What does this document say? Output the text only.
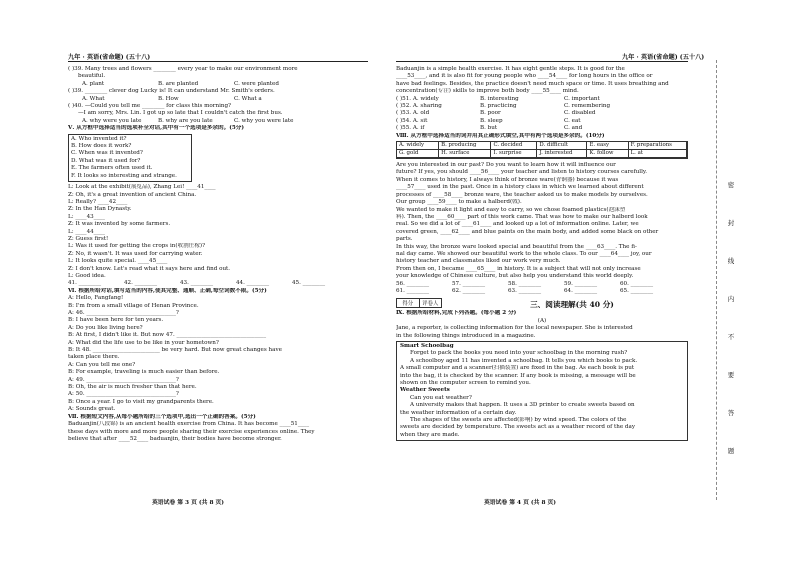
九年 · 英语(省命题) (五十八)	九年 · 英语(省命题) (五十八)
( )39. Many trees and flowers ________ every year to make our environment more
beautiful.
A. plant	B. are planted	C. were planted
( )39. ________ clever dog Lucky is! It can understand Mr. Smith's orders.
A. What	B. How	C. What a
( )40. —Could you tell me ________ for class this morning?
—I am sorry, Mrs. Lin. I got up so late that I couldn't catch the first bus.
A. why were you late	B. why are you late	C. why you were late
Ⅴ. 从方框中选择适当的选项补全对话,其中有一个选项是多余的。(5分)
A. Who invented it?
B. How does it work?
C. When was it invented?
D. What was it used for?
E. The farmers often used it.
F. It looks so interesting and strange.
L: Look at the exhibit(展览品), Zhang Lei! ____41____
Z: Oh, it's a great invention of ancient China.
L: Really? ____42____
Z: In the Han Dynasty.
L: ____43____
Z: It was invented by some farmers.
L: ____44____
Z: Guess first!
L: Was it used for getting the crops in(收割庄稼)?
Z: No, it wasn't. It was used for carrying water.
L: It looks quite special. ____45____
Z: I don't know. Let's read what it says here and find out.
L: Good idea.
41. ________	42. ________	43. ________	44. ________	45. ________
Ⅵ. 根据所给对话,填写适当的内容,使其完整、通顺、正确,每空词数不限。(5分)
A: Hello, Fangfang!
B: I'm from a small village of Henan Province.
A: 46. ________________________________?
B: I have been here for ten years.
A: Do you like living here?
B: At first, I didn't like it. But now 47. ________________________________
A: What did the life use to be like in your hometown?
B: It 48. ________________________ be very hard. But now great changes have
taken place there.
A: Can you tell me one?
B: For example, traveling is much easier than before.
A: 49. ________________________________?
B: Oh, the air is much fresher than that here.
A: 50. ________________________________?
B: Once a year. I go to visit my grandparents there.
A: Sounds great.
Ⅶ. 根据短文内容,从每小题所给的三个选项中,选出一个正确的答案。(5分)
Baduanjin(八段锦) is an ancient health exercise from China. It has become ____51____
these days with more and more people sharing their exercise experiences online. They
believe that after ____52____ baduanjin, their bodies have become stronger.
英语试卷 第 3 页 (共 8 页)
Baduanjin is a simple health exercise. It has eight gentle steps. It is good for the
____53____, and it is also fit for young people who ____54____ for long hours in the office or
have bad feelings. Besides, the practice doesn't need much space or time. It uses breathing and
concentration(专注) skills to improve both body ____55____ mind.
( )51. A. widely	B. interesting	C. important
( )52. A. sharing	B. practicing	C. remembering
( )53. A. old	B. poor	C. disabled
( )54. A. sit	B. sleep	C. eat
( )55. A. if	B. but	C. and
Ⅷ. 从方框中选择适当的词并用其正确形式填空,其中有两个选项是多余的。(10分)
A. widely	B. producing	C. decided	D. difficult	E. easy	F. preparations
G. gold	H. surface	I. surprise	J. interested	K. follow	L. at
Are you interested in our past? Do you want to learn how it will influence our
future? If yes, you should ____56____ your teacher and listen to history courses carefully.
When it comes to history, I always think of bronze ware(青铜器) because it was
____57____ used in the past. Once in a history class in which we learned about different
processes of ____58____ bronze ware, the teacher asked us to make models by ourselves.
Our group ____59____ to make a halberd(戟).
We wanted to make it light and easy to carry, so we chose foamed plastics(泡沫塑
料). Then, the ____60____ part of this work came. That was how to make our halberd look
real. So we did a lot of ____61____ and looked up a lot of information online. Later, we
covered green, ____62____ and blue paints on the main body, and added some black on other
parts.
In this way, the bronze ware looked special and beautiful from the ____63____. The fi-
nal day came. We showed our beautiful work to the whole class. To our ____64____ joy, our
history teacher and classmates liked our work very much.
From then on, I became ____65____ in history. It is a subject that will not only increase
your knowledge of Chinese culture, but also help you understand this world deeply.
56. ________	57. ________	58. ________	59. ________	60. ________
61. ________	62. ________	63. ________	64. ________	65. ________
得分	评卷人	三、阅读理解(共 40 分)
Ⅸ. 根据所给材料,完成下列各题。(每小题 2 分)
(A)
Jane, a reporter, is collecting information for the local newspaper. She is interested
in the following things introduced in a magazine.
Smart Schoolbag
Forget to pack the books you need into your schoolbag in the morning rush?
A schoolboy aged 11 has invented a schoolbag. It tells you which books to pack.
A small computer and a scanner(扫描装置) are fixed in the bag. As each book is put
into the bag, it is checked by the scanner. If any book is missing, a message will be
shown on the computer screen to remind you.
Weather Sweets
Can you eat weather?
A university makes that happen. It uses a 3D printer to create sweets based on
the weather information of a certain day.
The shapes of the sweets are affected(影响) by wind speed. The colors of the
sweets are decided by temperature. The sweets act as a weather record of the day
when they are made.
英语试卷 第 4 页 (共 8 页)
密
封
线
内
不
要
答
题
